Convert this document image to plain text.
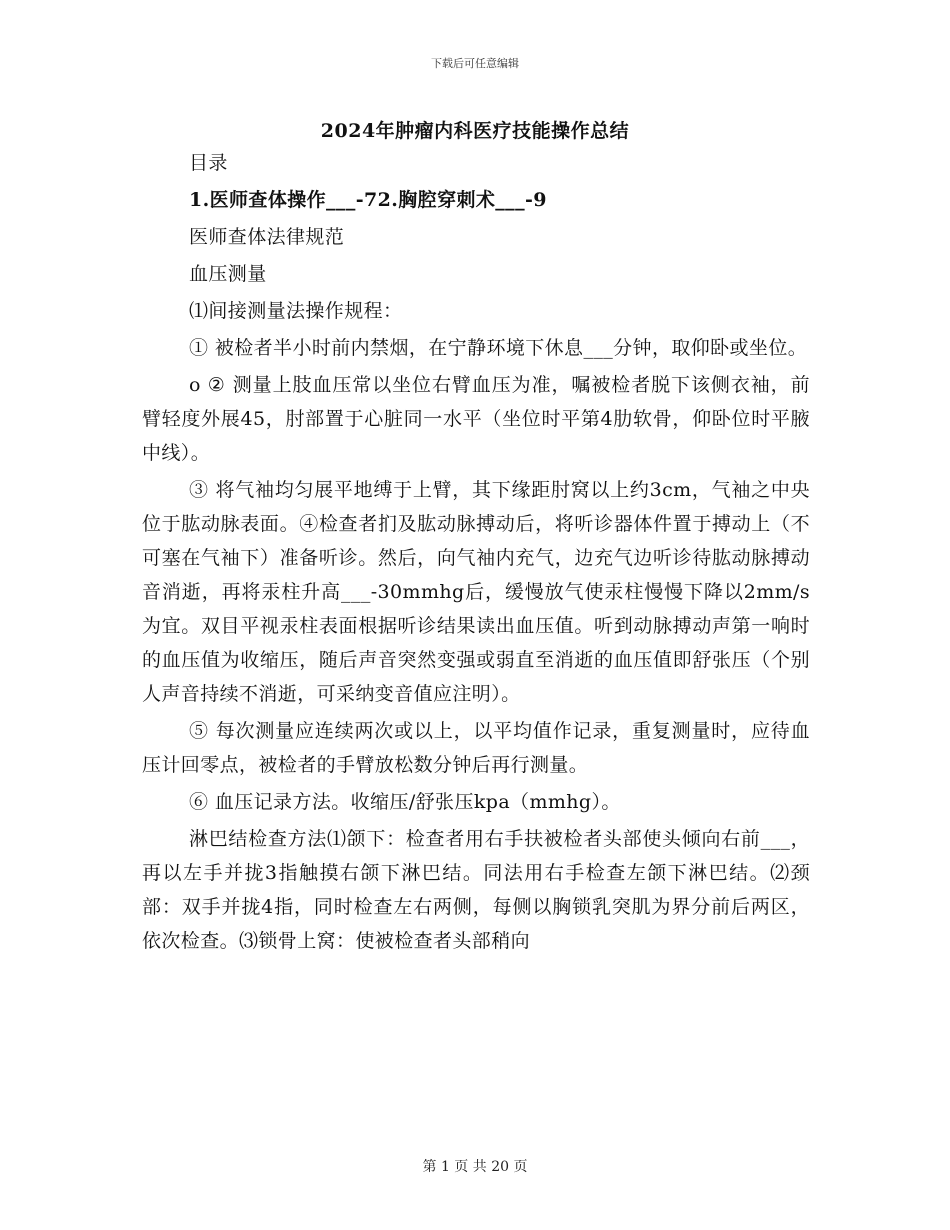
下载后可任意编辑

2024年肿瘤内科医疗技能操作总结

目录

1.医师查体操作___-72.胸腔穿刺术___-9

医师查体法律规范

血压测量

⑴间接测量法操作规程：

① 被检者半小时前内禁烟，在宁静环境下休息___分钟，取仰卧或坐位。

o ② 测量上肢血压常以坐位右臂血压为准，嘱被检者脱下该侧衣袖，前臂轻度外展45，肘部置于心脏同一水平（坐位时平第4肋软骨，仰卧位时平腋中线）。

③ 将气袖均匀展平地缚于上臂，其下缘距肘窝以上约3cm，气袖之中央位于肱动脉表面。④检查者扪及肱动脉搏动后，将听诊器体件置于搏动上（不可塞在气袖下）准备听诊。然后，向气袖内充气，边充气边听诊待肱动脉搏动音消逝，再将汞柱升高___-30mmhg后，缓慢放气使汞柱慢慢下降以2mm/s为宜。双目平视汞柱表面根据听诊结果读出血压值。听到动脉搏动声第一响时的血压值为收缩压，随后声音突然变强或弱直至消逝的血压值即舒张压（个别人声音持续不消逝，可采纳变音值应注明）。

⑤ 每次测量应连续两次或以上，以平均值作记录，重复测量时，应待血压计回零点，被检者的手臂放松数分钟后再行测量。

⑥ 血压记录方法。收缩压/舒张压kpa（mmhg）。

淋巴结检查方法⑴颌下：检查者用右手扶被检者头部使头倾向右前___，再以左手并拢3指触摸右颌下淋巴结。同法用右手检查左颌下淋巴结。⑵颈部：双手并拢4指，同时检查左右两侧，每侧以胸锁乳突肌为界分前后两区，依次检查。⑶锁骨上窝：使被检查者头部稍向

第 1 页 共 20 页
